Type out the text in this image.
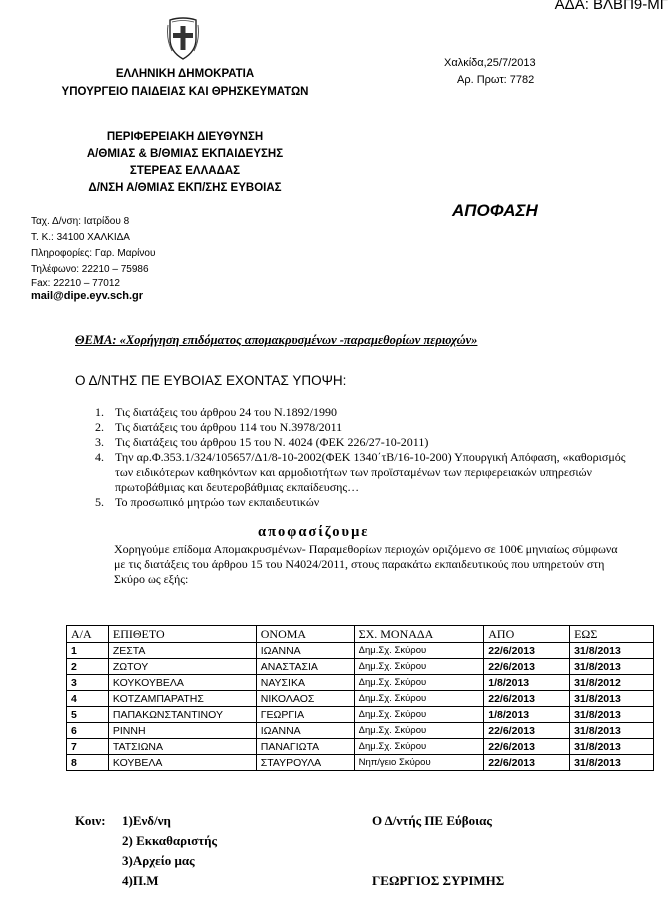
ΑΔΑ: ΒΛΒΠ9-ΜΓ
ΕΛΛΗΝΙΚΗ ΔΗΜΟΚΡΑΤΙΑ
ΥΠΟΥΡΓΕΙΟ ΠΑΙΔΕΙΑΣ ΚΑΙ ΘΡΗΣΚΕΥΜΑΤΩΝ
ΠΕΡΙΦΕΡΕΙΑΚΗ ΔΙΕΥΘΥΝΣΗ
Α/ΘΜΙΑΣ & Β/ΘΜΙΑΣ ΕΚΠΑΙΔΕΥΣΗΣ
ΣΤΕΡΕΑΣ ΕΛΛΑΔΑΣ
Δ/ΝΣΗ Α/ΘΜΙΑΣ ΕΚΠ/ΣΗΣ ΕΥΒΟΙΑΣ
Χαλκίδα,25/7/2013
Αρ. Πρωτ: 7782
Ταχ. Δ/νση: Ιατρίδου 8
Τ. Κ.: 34100 ΧΑΛΚΙΔΑ
Πληροφορίες: Γαρ. Μαρίνου
Τηλέφωνο: 22210 – 75986
Fax: 22210 – 77012
mail@dipe.eyv.sch.gr
ΑΠΟΦΑΣΗ
ΘΕΜΑ: «Χορήγηση επιδόματος απομακρυσμένων -παραμεθορίων περιοχών»
Ο Δ/ΝΤΗΣ ΠΕ ΕΥΒΟΙΑΣ ΕΧΟΝΤΑΣ ΥΠΟΨΗ:
1. Τις διατάξεις του άρθρου 24 του Ν.1892/1990
2. Τις διατάξεις του άρθρου 114 του Ν.3978/2011
3. Τις διατάξεις του άρθρου 15 του Ν. 4024 (ΦΕΚ 226/27-10-2011)
4. Την αρ.Φ.353.1/324/105657/Δ1/8-10-2002(ΦΕΚ 1340΄τΒ/16-10-200) Υπουργική Απόφαση, «καθορισμός των ειδικότερων καθηκόντων και αρμοδιοτήτων των προϊσταμένων των περιφερειακών υπηρεσιών πρωτοβάθμιας και δευτεροβάθμιας εκπαίδευσης…
5. Το προσωπικό μητρώο των εκπαιδευτικών
αποφασίζουμε
Χορηγούμε επίδομα Απομακρυσμένων- Παραμεθορίων περιοχών οριζόμενο σε 100€ μηνιαίως σύμφωνα με τις διατάξεις του άρθρου 15 του Ν4024/2011, στους παρακάτω εκπαιδευτικούς που υπηρετούν στη Σκύρο ως εξής:
Α/Α	ΕΠΙΘΕΤΟ	ΟΝΟΜΑ	ΣΧ. ΜΟΝΑΔΑ	ΑΠΟ	ΕΩΣ
1	ΖΕΣΤΑ	ΙΩΑΝΝΑ	Δημ.Σχ. Σκύρου	22/6/2013	31/8/2013
2	ΖΩΤΟΥ	ΑΝΑΣΤΑΣΙΑ	Δημ.Σχ. Σκύρου	22/6/2013	31/8/2013
3	ΚΟΥΚΟΥΒΕΛΑ	ΝΑΥΣΙΚΑ	Δημ.Σχ. Σκύρου	1/8/2013	31/8/2012
4	ΚΟΤΖΑΜΠΑΡΑΤΗΣ	ΝΙΚΟΛΑΟΣ	Δημ.Σχ. Σκύρου	22/6/2013	31/8/2013
5	ΠΑΠΑΚΩΝΣΤΑΝΤΙΝΟΥ	ΓΕΩΡΓΙΑ	Δημ.Σχ. Σκύρου	1/8/2013	31/8/2013
6	ΡΙΝΝΗ	ΙΩΑΝΝΑ	Δημ.Σχ. Σκύρου	22/6/2013	31/8/2013
7	ΤΑΤΣΙΩΝΑ	ΠΑΝΑΓΙΩΤΑ	Δημ.Σχ. Σκύρου	22/6/2013	31/8/2013
8	ΚΟΥΒΕΛΑ	ΣΤΑΥΡΟΥΛΑ	Νηπ/γειο Σκύρου	22/6/2013	31/8/2013
Κοιν: 1)Ενδ/νη
2) Εκκαθαριστής
3)Αρχείο μας
4)Π.Μ
Ο Δ/ντής ΠΕ Εύβοιας
ΓΕΩΡΓΙΟΣ ΣΥΡΙΜΗΣ
